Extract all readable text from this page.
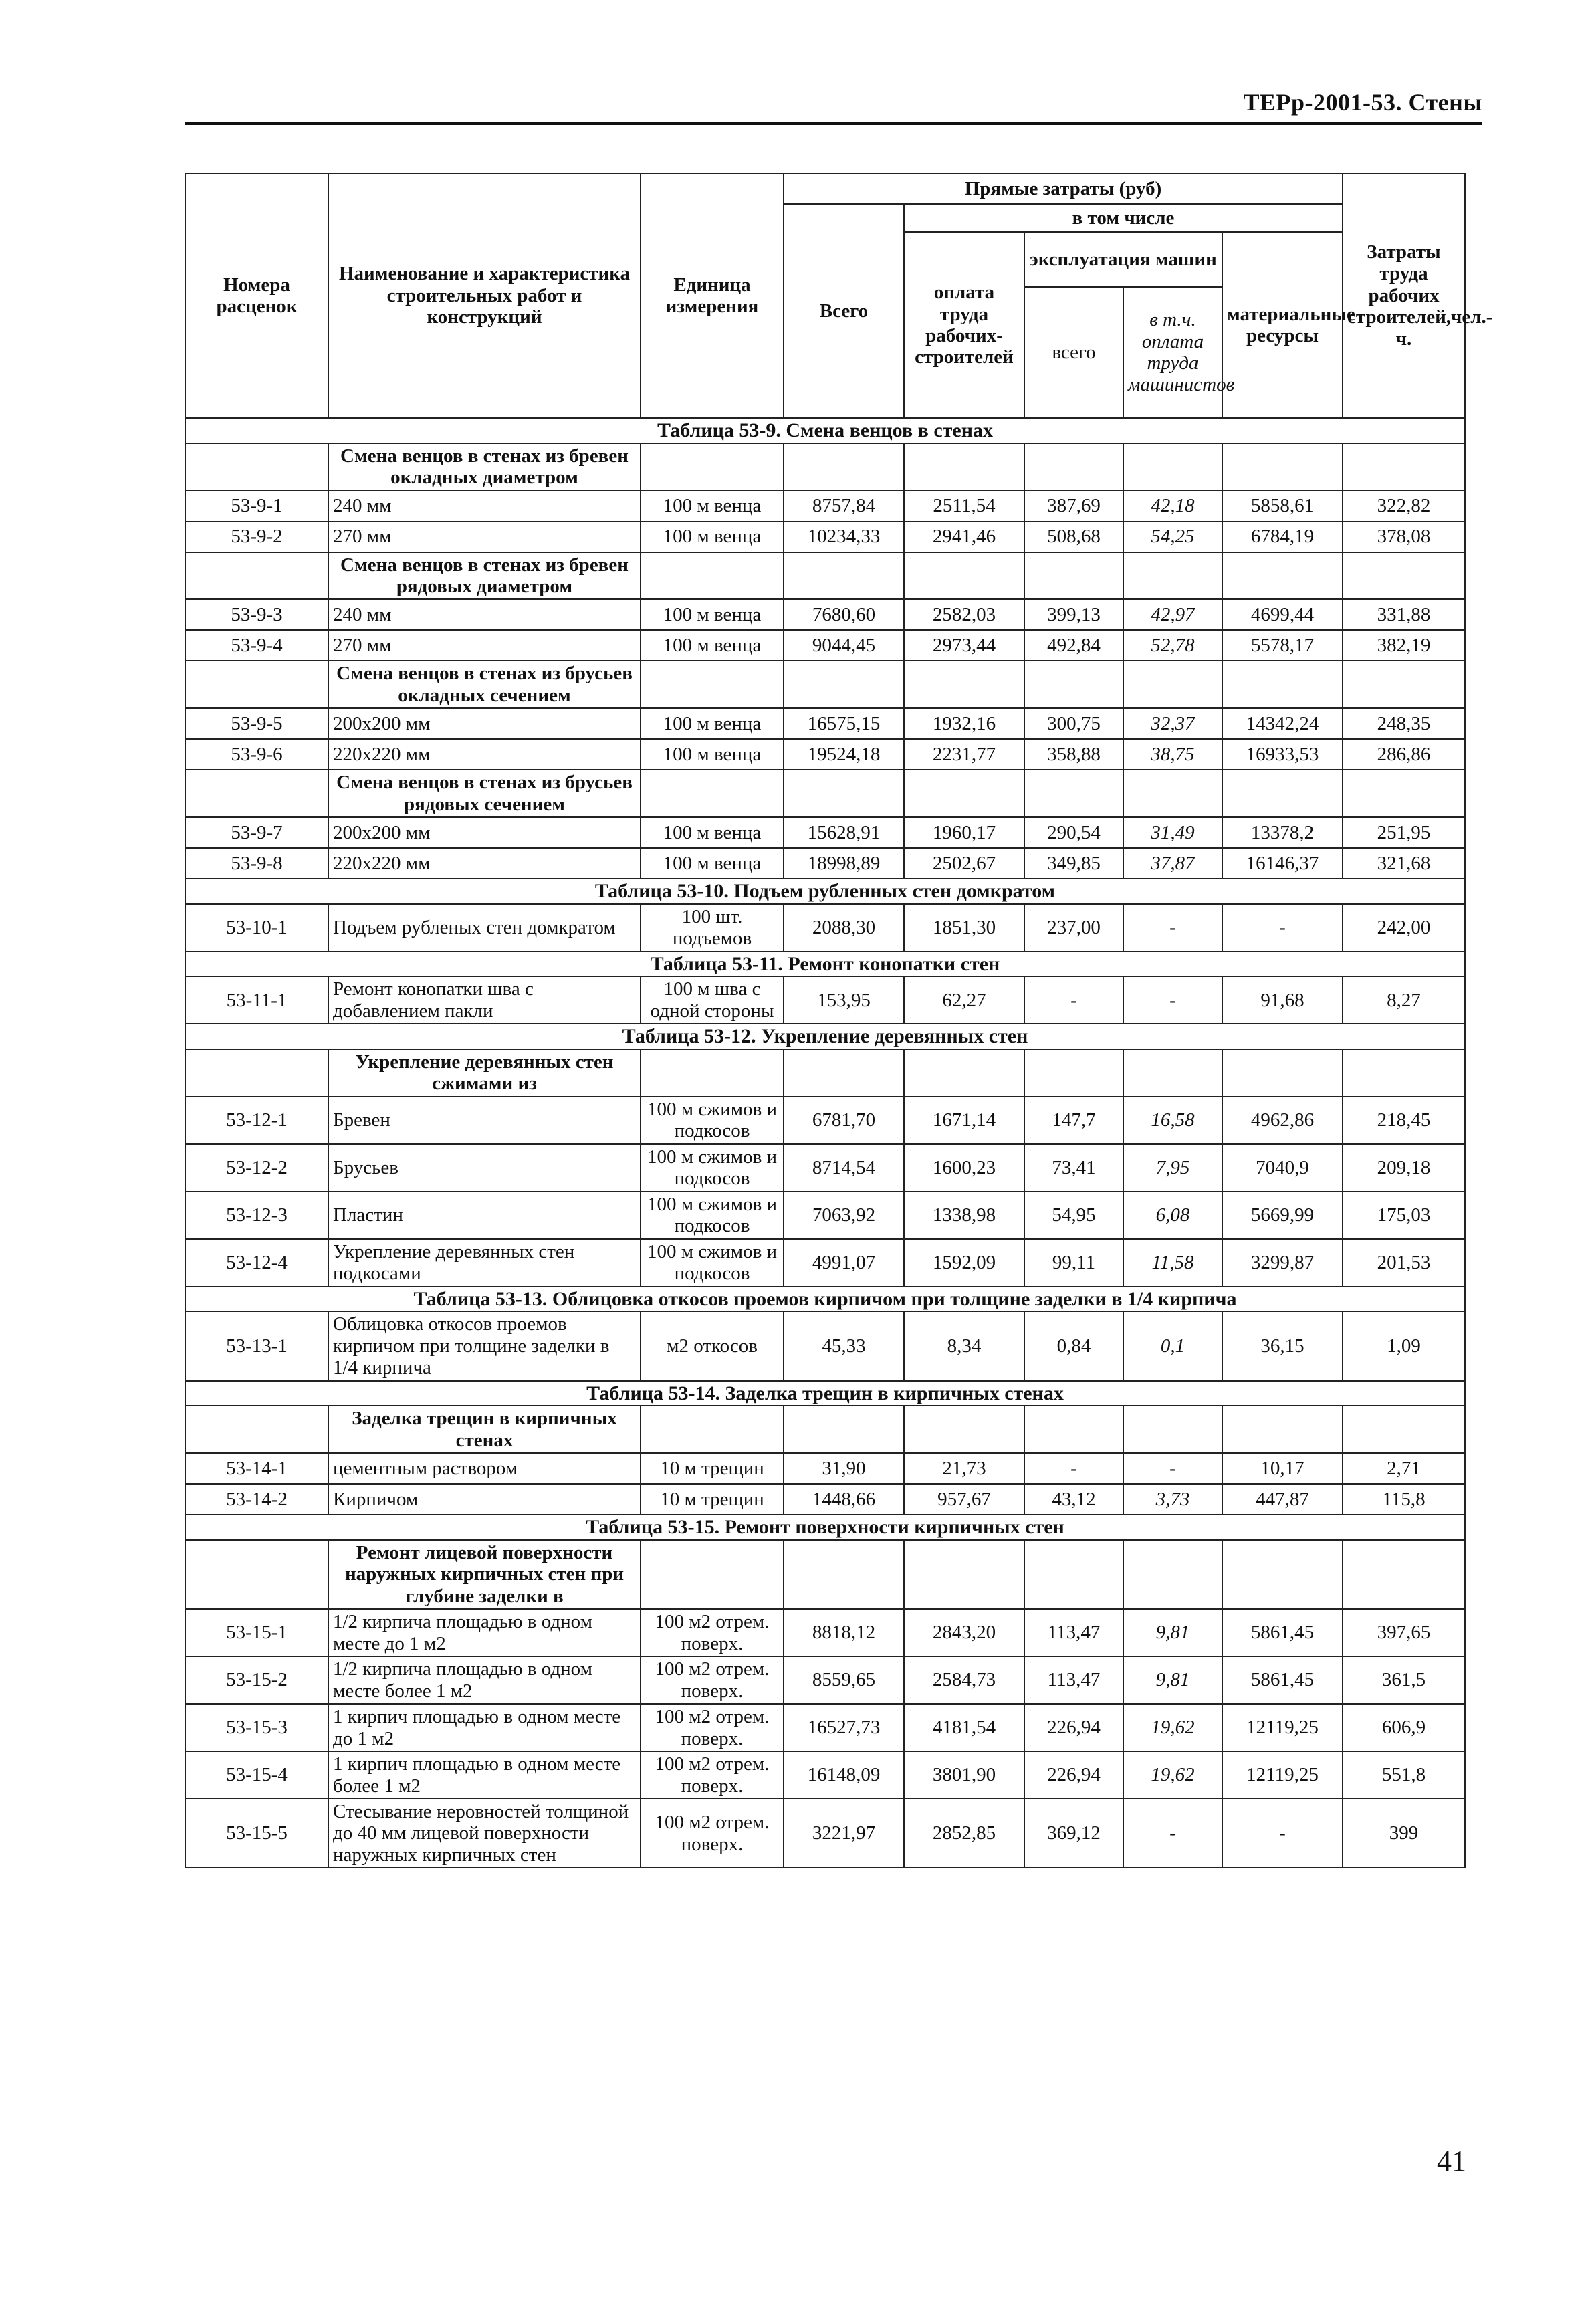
ТЕРр-2001-53. Стены
Номера расценок	Наименование и характеристика строительных работ и конструкций	Единица измерения	Прямые затраты (руб)					Затраты труда рабочих строителей,чел.-ч.
			Всего	в том числе				
				оплата труда рабочих-строителей	эксплуатация машин		материальные ресурсы	
					всего	в т.ч. оплата труда машинистов		
Таблица 53-9. Смена венцов в стенах								
	Смена венцов в стенах из бревен окладных диаметром							
53-9-1	240 мм	100 м венца	8757,84	2511,54	387,69	42,18	5858,61	322,82
53-9-2	270 мм	100 м венца	10234,33	2941,46	508,68	54,25	6784,19	378,08
	Смена венцов в стенах из бревен рядовых диаметром							
53-9-3	240 мм	100 м венца	7680,60	2582,03	399,13	42,97	4699,44	331,88
53-9-4	270 мм	100 м венца	9044,45	2973,44	492,84	52,78	5578,17	382,19
	Смена венцов в стенах из брусьев окладных сечением							
53-9-5	200x200 мм	100 м венца	16575,15	1932,16	300,75	32,37	14342,24	248,35
53-9-6	220x220 мм	100 м венца	19524,18	2231,77	358,88	38,75	16933,53	286,86
	Смена венцов в стенах из брусьев рядовых сечением							
53-9-7	200x200 мм	100 м венца	15628,91	1960,17	290,54	31,49	13378,2	251,95
53-9-8	220x220 мм	100 м венца	18998,89	2502,67	349,85	37,87	16146,37	321,68
Таблица 53-10. Подъем рубленных стен домкратом								
53-10-1	Подъем рубленых стен домкратом	100 шт. подъемов	2088,30	1851,30	237,00	-	-	242,00
Таблица 53-11. Ремонт конопатки стен								
53-11-1	Ремонт конопатки шва с добавлением пакли	100 м шва с одной стороны	153,95	62,27	-	-	91,68	8,27
Таблица 53-12. Укрепление деревянных стен								
	Укрепление деревянных стен сжимами из							
53-12-1	Бревен	100 м сжимов и подкосов	6781,70	1671,14	147,7	16,58	4962,86	218,45
53-12-2	Брусьев	100 м сжимов и подкосов	8714,54	1600,23	73,41	7,95	7040,9	209,18
53-12-3	Пластин	100 м сжимов и подкосов	7063,92	1338,98	54,95	6,08	5669,99	175,03
53-12-4	Укрепление деревянных стен подкосами	100 м сжимов и подкосов	4991,07	1592,09	99,11	11,58	3299,87	201,53
Таблица 53-13. Облицовка откосов проемов кирпичом при толщине заделки в 1/4 кирпича								
53-13-1	Облицовка откосов проемов кирпичом при толщине заделки в 1/4 кирпича	м2 откосов	45,33	8,34	0,84	0,1	36,15	1,09
Таблица 53-14. Заделка трещин в кирпичных стенах								
	Заделка трещин в кирпичных стенах							
53-14-1	цементным раствором	10 м трещин	31,90	21,73	-	-	10,17	2,71
53-14-2	Кирпичом	10 м трещин	1448,66	957,67	43,12	3,73	447,87	115,8
Таблица 53-15. Ремонт поверхности кирпичных стен								
	Ремонт лицевой поверхности наружных кирпичных стен при глубине заделки в							
53-15-1	1/2 кирпича площадью в одном месте до 1 м2	100 м2 отрем. поверх.	8818,12	2843,20	113,47	9,81	5861,45	397,65
53-15-2	1/2 кирпича площадью в одном месте более 1 м2	100 м2 отрем. поверх.	8559,65	2584,73	113,47	9,81	5861,45	361,5
53-15-3	1 кирпич площадью в одном месте до 1 м2	100 м2 отрем. поверх.	16527,73	4181,54	226,94	19,62	12119,25	606,9
53-15-4	1 кирпич площадью в одном месте более 1 м2	100 м2 отрем. поверх.	16148,09	3801,90	226,94	19,62	12119,25	551,8
53-15-5	Стесывание неровностей толщиной до 40 мм лицевой поверхности наружных кирпичных стен	100 м2 отрем. поверх.	3221,97	2852,85	369,12	-	-	399
41
